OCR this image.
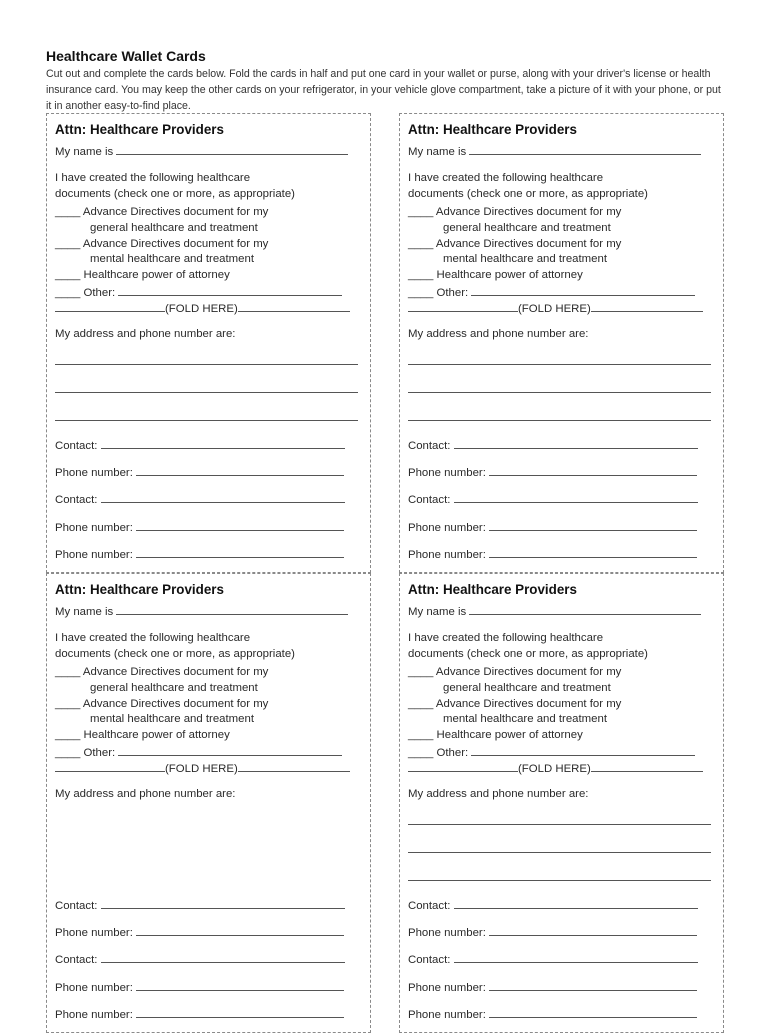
Healthcare Wallet Cards

Cut out and complete the cards below. Fold the cards in half and put one card in your wallet or purse, along with your driver's license or health insurance card. You may keep the other cards on your refrigerator, in your vehicle glove compartment, take a picture of it with your phone, or put it in another easy-to-find place.

Attn: Healthcare Providers
My name is
I have created the following healthcare
documents (check one or more, as appropriate)
____ Advance Directives document for my
general healthcare and treatment
____ Advance Directives document for my
mental healthcare and treatment
____ Healthcare power of attorney
____ Other:
(FOLD HERE)
My address and phone number are:
Contact:
Phone number:
Contact:
Phone number:
Phone number:
Attn: Healthcare Providers
My name is
I have created the following healthcare
documents (check one or more, as appropriate)
____ Advance Directives document for my
general healthcare and treatment
____ Advance Directives document for my
mental healthcare and treatment
____ Healthcare power of attorney
____ Other:
(FOLD HERE)
My address and phone number are:
Contact:
Phone number:
Contact:
Phone number:
Phone number:
Attn: Healthcare Providers
My name is
I have created the following healthcare
documents (check one or more, as appropriate)
____ Advance Directives document for my
general healthcare and treatment
____ Advance Directives document for my
mental healthcare and treatment
____ Healthcare power of attorney
____ Other:
(FOLD HERE)
My address and phone number are:
Contact:
Phone number:
Contact:
Phone number:
Phone number:
Attn: Healthcare Providers
My name is
I have created the following healthcare
documents (check one or more, as appropriate)
____ Advance Directives document for my
general healthcare and treatment
____ Advance Directives document for my
mental healthcare and treatment
____ Healthcare power of attorney
____ Other:
(FOLD HERE)
My address and phone number are:
Contact:
Phone number:
Contact:
Phone number:
Phone number:
